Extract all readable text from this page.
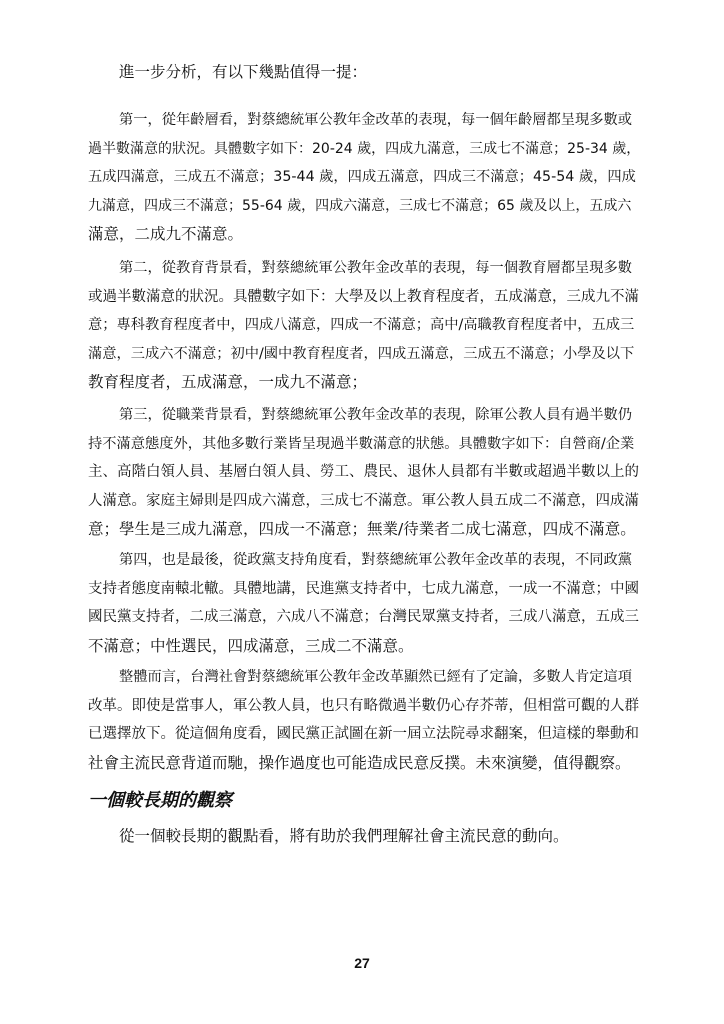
進一步分析，有以下幾點值得一提：

第一，從年齡層看，對蔡總統軍公教年金改革的表現，每一個年齡層都呈現多數或
過半數滿意的狀況。具體數字如下：20-24 歲，四成九滿意，三成七不滿意；25-34 歲，
五成四滿意，三成五不滿意；35-44 歲，四成五滿意，四成三不滿意；45-54 歲，四成
九滿意，四成三不滿意；55-64 歲，四成六滿意，三成七不滿意；65 歲及以上，五成六
滿意，二成九不滿意。

第二，從教育背景看，對蔡總統軍公教年金改革的表現，每一個教育層都呈現多數
或過半數滿意的狀況。具體數字如下：大學及以上教育程度者，五成滿意，三成九不滿
意；專科教育程度者中，四成八滿意，四成一不滿意；高中/高職教育程度者中，五成三
滿意，三成六不滿意；初中/國中教育程度者，四成五滿意，三成五不滿意；小學及以下
教育程度者，五成滿意，一成九不滿意；

第三，從職業背景看，對蔡總統軍公教年金改革的表現，除軍公教人員有過半數仍
持不滿意態度外，其他多數行業皆呈現過半數滿意的狀態。具體數字如下：自營商/企業
主、高階白領人員、基層白領人員、勞工、農民、退休人員都有半數或超過半數以上的
人滿意。家庭主婦則是四成六滿意，三成七不滿意。軍公教人員五成二不滿意，四成滿
意；學生是三成九滿意，四成一不滿意；無業/待業者二成七滿意，四成不滿意。

第四，也是最後，從政黨支持角度看，對蔡總統軍公教年金改革的表現，不同政黨
支持者態度南轅北轍。具體地講，民進黨支持者中，七成九滿意，一成一不滿意；中國
國民黨支持者，二成三滿意，六成八不滿意；台灣民眾黨支持者，三成八滿意，五成三
不滿意；中性選民，四成滿意，三成二不滿意。

整體而言，台灣社會對蔡總統軍公教年金改革顯然已經有了定論，多數人肯定這項
改革。即使是當事人，軍公教人員，也只有略微過半數仍心存芥蒂，但相當可觀的人群
已選擇放下。從這個角度看，國民黨正試圖在新一屆立法院尋求翻案，但這樣的舉動和
社會主流民意背道而馳，操作過度也可能造成民意反撲。未來演變，值得觀察。

一個較長期的觀察

從一個較長期的觀點看，將有助於我們理解社會主流民意的動向。

27
